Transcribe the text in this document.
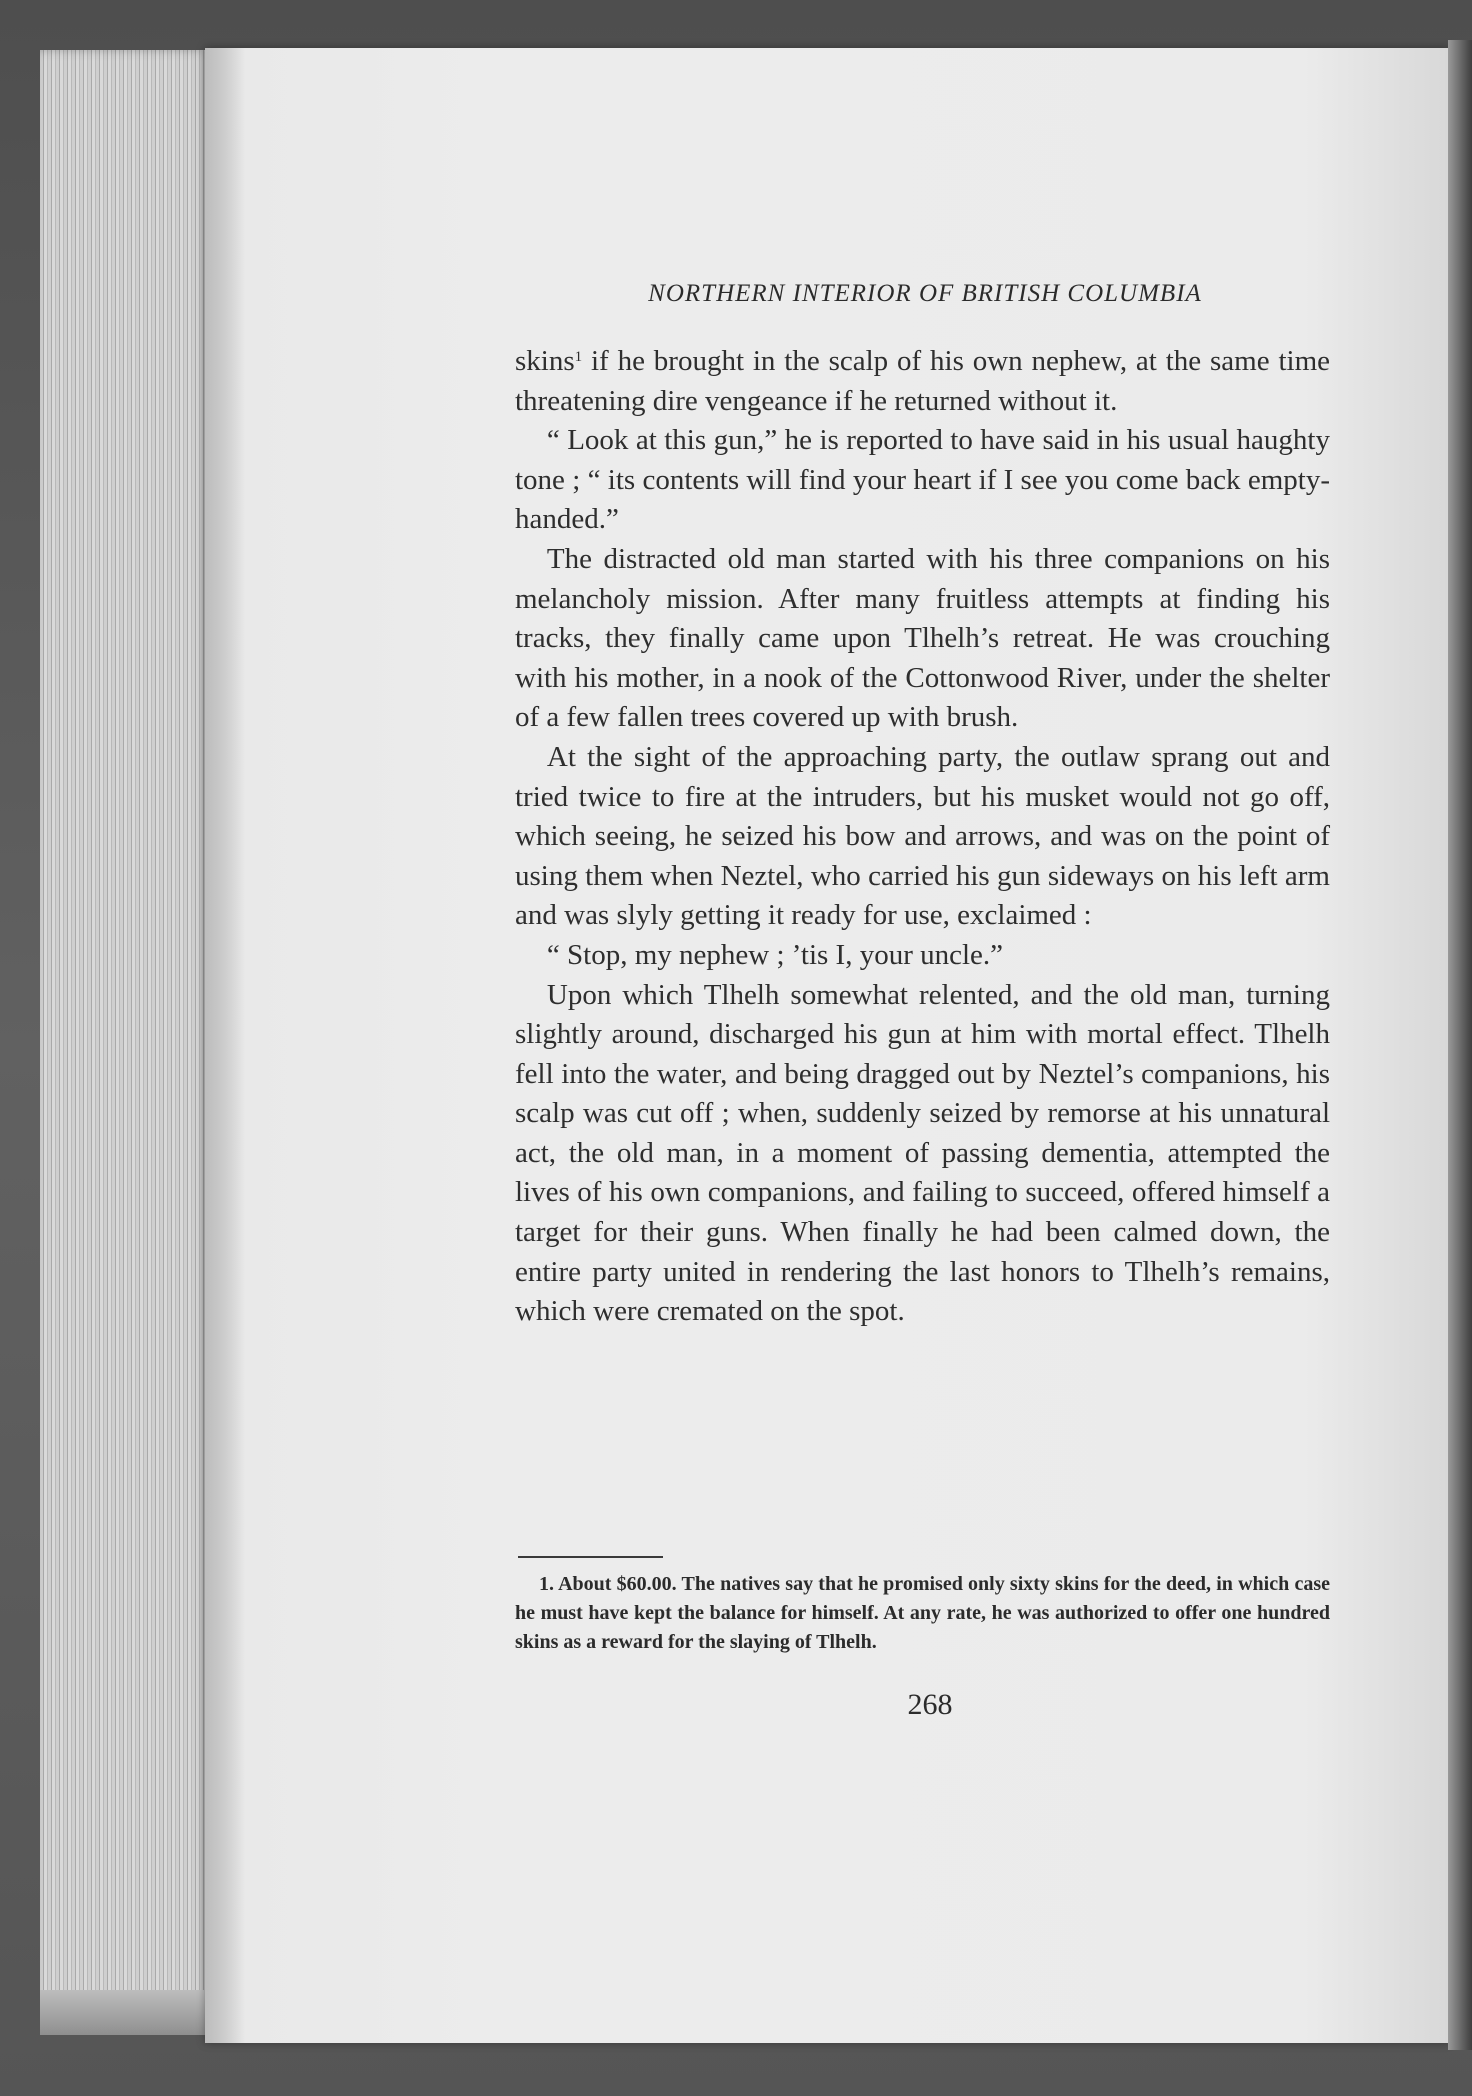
NORTHERN INTERIOR OF BRITISH COLUMBIA

skins$^1$ if he brought in the scalp of his own nephew, at the same time threatening dire vengeance if he returned without it.

“ Look at this gun,” he is reported to have said in his usual haughty tone ; “ its contents will find your heart if I see you come back empty-handed.”

The distracted old man started with his three companions on his melancholy mission. After many fruitless attempts at finding his tracks, they finally came upon Tlhelh’s retreat. He was crouching with his mother, in a nook of the Cottonwood River, under the shelter of a few fallen trees covered up with brush.

At the sight of the approaching party, the outlaw sprang out and tried twice to fire at the intruders, but his musket would not go off, which seeing, he seized his bow and arrows, and was on the point of using them when Neztel, who carried his gun sideways on his left arm and was slyly getting it ready for use, exclaimed :

“ Stop, my nephew ; ’tis I, your uncle.”

Upon which Tlhelh somewhat relented, and the old man, turning slightly around, discharged his gun at him with mortal effect. Tlhelh fell into the water, and being dragged out by Neztel’s companions, his scalp was cut off ; when, suddenly seized by remorse at his unnatural act, the old man, in a moment of passing dementia, attempted the lives of his own companions, and failing to succeed, offered himself a target for their guns. When finally he had been calmed down, the entire party united in rendering the last honors to Tlhelh’s remains, which were cremated on the spot.

1. About $60.00. The natives say that he promised only sixty skins for the deed, in which case he must have kept the balance for himself. At any rate, he was authorized to offer one hundred skins as a reward for the slaying of Tlhelh.
268
